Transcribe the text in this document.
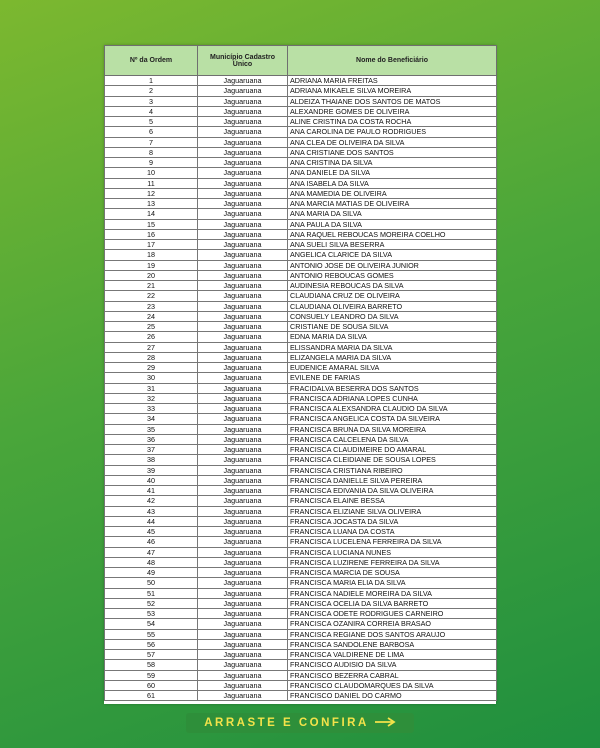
Nº da Ordem	Município Cadastro Único	Nome do Beneficiário
1	Jaguaruana	ADRIANA MARIA FREITAS
2	Jaguaruana	ADRIANA MIKAELE SILVA MOREIRA
3	Jaguaruana	ALDEIZA THAIANE DOS SANTOS DE MATOS
4	Jaguaruana	ALEXANDRE GOMES DE OLIVEIRA
5	Jaguaruana	ALINE CRISTINA DA COSTA ROCHA
6	Jaguaruana	ANA CAROLINA DE PAULO RODRIGUES
7	Jaguaruana	ANA CLEA DE OLIVEIRA DA SILVA
8	Jaguaruana	ANA CRISTIANE DOS SANTOS
9	Jaguaruana	ANA CRISTINA DA SILVA
10	Jaguaruana	ANA DANIELE DA SILVA
11	Jaguaruana	ANA ISABELA DA SILVA
12	Jaguaruana	ANA MAMEDIA DE OLIVEIRA
13	Jaguaruana	ANA MARCIA MATIAS DE OLIVEIRA
14	Jaguaruana	ANA MARIA DA SILVA
15	Jaguaruana	ANA PAULA DA SILVA
16	Jaguaruana	ANA RAQUEL REBOUCAS MOREIRA COELHO
17	Jaguaruana	ANA SUELI SILVA BESERRA
18	Jaguaruana	ANGELICA CLARICE DA SILVA
19	Jaguaruana	ANTONIO JOSE DE OLIVEIRA JUNIOR
20	Jaguaruana	ANTONIO REBOUCAS GOMES
21	Jaguaruana	AUDINESIA REBOUCAS DA SILVA
22	Jaguaruana	CLAUDIANA CRUZ DE OLIVEIRA
23	Jaguaruana	CLAUDIANA OLIVEIRA BARRETO
24	Jaguaruana	CONSUELY LEANDRO DA SILVA
25	Jaguaruana	CRISTIANE DE SOUSA SILVA
26	Jaguaruana	EDNA MARIA DA SILVA
27	Jaguaruana	ELISSANDRA MARIA DA SILVA
28	Jaguaruana	ELIZANGELA MARIA DA SILVA
29	Jaguaruana	EUDENICE AMARAL SILVA
30	Jaguaruana	EVILENE DE FARIAS
31	Jaguaruana	FRACIDALVA BESERRA DOS SANTOS
32	Jaguaruana	FRANCISCA ADRIANA LOPES CUNHA
33	Jaguaruana	FRANCISCA ALEXSANDRA CLAUDIO DA SILVA
34	Jaguaruana	FRANCISCA ANGELICA COSTA DA SILVEIRA
35	Jaguaruana	FRANCISCA BRUNA DA SILVA MOREIRA
36	Jaguaruana	FRANCISCA CALCELENA DA SILVA
37	Jaguaruana	FRANCISCA CLAUDIMEIRE DO AMARAL
38	Jaguaruana	FRANCISCA CLEIDIANE DE SOUSA LOPES
39	Jaguaruana	FRANCISCA CRISTIANA RIBEIRO
40	Jaguaruana	FRANCISCA DANIELLE SILVA PEREIRA
41	Jaguaruana	FRANCISCA EDIVANIA DA SILVA OLIVEIRA
42	Jaguaruana	FRANCISCA ELAINE BESSA
43	Jaguaruana	FRANCISCA ELIZIANE SILVA OLIVEIRA
44	Jaguaruana	FRANCISCA JOCASTA DA SILVA
45	Jaguaruana	FRANCISCA LUANA DA COSTA
46	Jaguaruana	FRANCISCA LUCELENA FERREIRA DA SILVA
47	Jaguaruana	FRANCISCA LUCIANA NUNES
48	Jaguaruana	FRANCISCA LUZIRENE FERREIRA DA SILVA
49	Jaguaruana	FRANCISCA MARCIA DE SOUSA
50	Jaguaruana	FRANCISCA MARIA ELIA DA SILVA
51	Jaguaruana	FRANCISCA NADIELE MOREIRA DA SILVA
52	Jaguaruana	FRANCISCA OCELIA DA SILVA BARRETO
53	Jaguaruana	FRANCISCA ODETE RODRIGUES CARNEIRO
54	Jaguaruana	FRANCISCA OZANIRA CORREIA BRASAO
55	Jaguaruana	FRANCISCA REGIANE DOS SANTOS ARAUJO
56	Jaguaruana	FRANCISCA SANDOLENE BARBOSA
57	Jaguaruana	FRANCISCA VALDIRENE DE LIMA
58	Jaguaruana	FRANCISCO AUDISIO DA SILVA
59	Jaguaruana	FRANCISCO BEZERRA CABRAL
60	Jaguaruana	FRANCISCO CLAUDOMARQUES DA SILVA
61	Jaguaruana	FRANCISCO DANIEL DO CARMO
ARRASTE E CONFIRA
